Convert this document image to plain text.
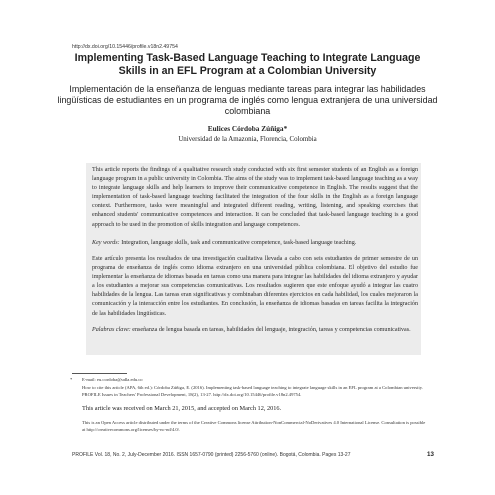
http://dx.doi.org/10.15446/profile.v18n2.49754
Implementing Task-Based Language Teaching to Integrate Language Skills in an EFL Program at a Colombian University
Implementación de la enseñanza de lenguas mediante tareas para integrar las habilidades lingüísticas de estudiantes en un programa de inglés como lengua extranjera de una universidad colombiana
Eulices Córdoba Zúñiga*
Universidad de la Amazonia, Florencia, Colombia
This article reports the findings of a qualitative research study conducted with six first semester students of an English as a foreign language program in a public university in Colombia. The aims of the study was to implement task-based language teaching as a way to integrate language skills and help learners to improve their communicative competence in English. The results suggest that the implementation of task-based language teaching facilitated the integration of the four skills in the English as a foreign language context. Furthermore, tasks were meaningful and integrated different reading, writing, listening, and speaking exercises that enhanced students' communicative competences and interaction. It can be concluded that task-based language teaching is a good approach to be used in the promotion of skills integration and language competences.
Key words: Integration, language skills, task and communicative competence, task-based language teaching.
Este artículo presenta los resultados de una investigación cualitativa llevada a cabo con seis estudiantes de primer semestre de un programa de enseñanza de inglés como idioma extranjero en una universidad pública colombiana. El objetivo del estudio fue implementar la enseñanza de idiomas basada en tareas como una manera para integrar las habilidades del idioma extranjero y ayudar a los estudiantes a mejorar sus competencias comunicativas. Los resultados sugieren que este enfoque ayudó a integrar las cuatro habilidades de la lengua. Las tareas eran significativas y combinaban diferentes ejercicios en cada habilidad, los cuales mejoraron la comunicación y la interacción entre los estudiantes. En conclusión, la enseñanza de idiomas basadas en tareas facilita la integración de las habilidades lingüísticas.
Palabras clave: enseñanza de lengua basada en tareas, habilidades del lenguaje, integración, tareas y competencias comunicativas.
* E-mail: eu.cordoba@udla.edu.co
How to cite this article (APA, 6th ed.): Córdoba Zúñiga, E. (2016). Implementing task-based language teaching to integrate language skills in an EFL program at a Colombian university. PROFILE Issues in Teachers' Professional Development, 18(2), 13-27. http://dx.doi.org/10.15446/profile.v18n2.49754.
This article was received on March 21, 2015, and accepted on March 12, 2016.
This is an Open Access article distributed under the terms of the Creative Commons license Attribution-NonCommercial-NoDerivatives 4.0 International License. Consultation is possible at http://creativecommons.org/licenses/by-nc-nd/4.0/.
PROFILE Vol. 18, No. 2, July-December 2016. ISSN 1657-0790 (printed) 2256-5760 (online). Bogotá, Colombia. Pages 13-27	13
